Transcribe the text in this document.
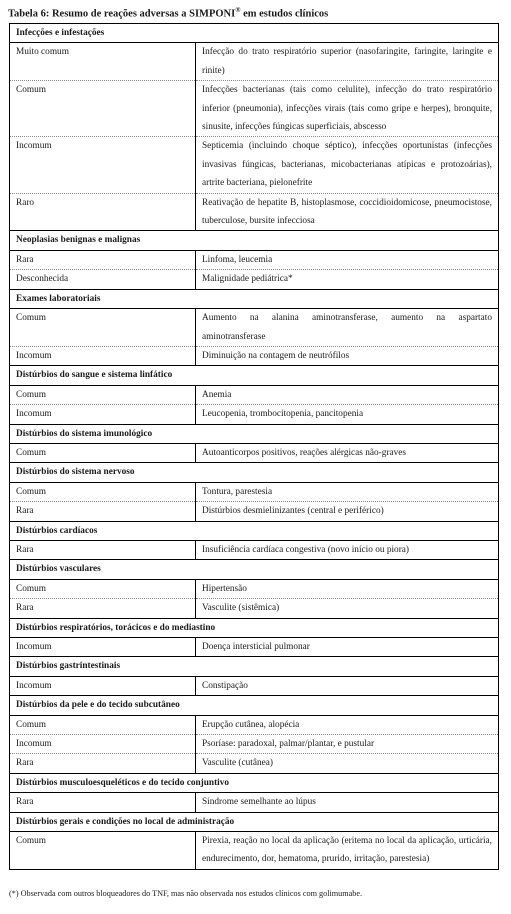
Tabela 6: Resumo de reações adversas a SIMPONI® em estudos clínicos
Infecções e infestações	
Muito comum	Infecção do trato respiratório superior (nasofaringite, faringite, laringite e rinite)
Comum	Infecções bacterianas (tais como celulite), infecção do trato respiratório inferior (pneumonia), infecções virais (tais como gripe e herpes), bronquite, sinusite, infecções fúngicas superficiais, abscesso
Incomum	Septicemia (incluindo choque séptico), infecções oportunistas (infecções invasivas fúngicas, bacterianas, micobacterianas atípicas e protozoárias), artrite bacteriana, pielonefrite
Raro	Reativação de hepatite B, histoplasmose, coccidioidomicose, pneumocistose, tuberculose, bursite infecciosa
Neoplasias benignas e malignas	
Rara	Linfoma, leucemia
Desconhecida	Malignidade pediátrica*
Exames laboratoriais	
Comum	Aumento na alanina aminotransferase, aumento na aspartato aminotransferase
Incomum	Diminuição na contagem de neutrófilos
Distúrbios do sangue e sistema linfático	
Comum	Anemia
Incomum	Leucopenia, trombocitopenia, pancitopenia
Distúrbios do sistema imunológico	
Comum	Autoanticorpos positivos, reações alérgicas não-graves
Distúrbios do sistema nervoso	
Comum	Tontura, parestesia
Rara	Distúrbios desmielinizantes (central e periférico)
Distúrbios cardíacos	
Rara	Insuficiência cardíaca congestiva (novo início ou piora)
Distúrbios vasculares	
Comum	Hipertensão
Rara	Vasculite (sistêmica)
Distúrbios respiratórios, torácicos e do mediastino	
Incomum	Doença intersticial pulmonar
Distúrbios gastrintestinais	
Incomum	Constipação
Distúrbios da pele e do tecido subcutâneo	
Comum	Erupção cutânea, alopécia
Incomum	Psoríase: paradoxal, palmar/plantar, e pustular
Rara	Vasculite (cutânea)
Distúrbios musculoesqueléticos e do tecido conjuntivo	
Rara	Síndrome semelhante ao lúpus
Distúrbios gerais e condições no local de administração	
Comum	Pirexia, reação no local da aplicação (eritema no local da aplicação, urticária, endurecimento, dor, hematoma, prurido, irritação, parestesia)
(*) Observada com outros bloqueadores do TNF, mas não observada nos estudos clínicos com golimumabe.
